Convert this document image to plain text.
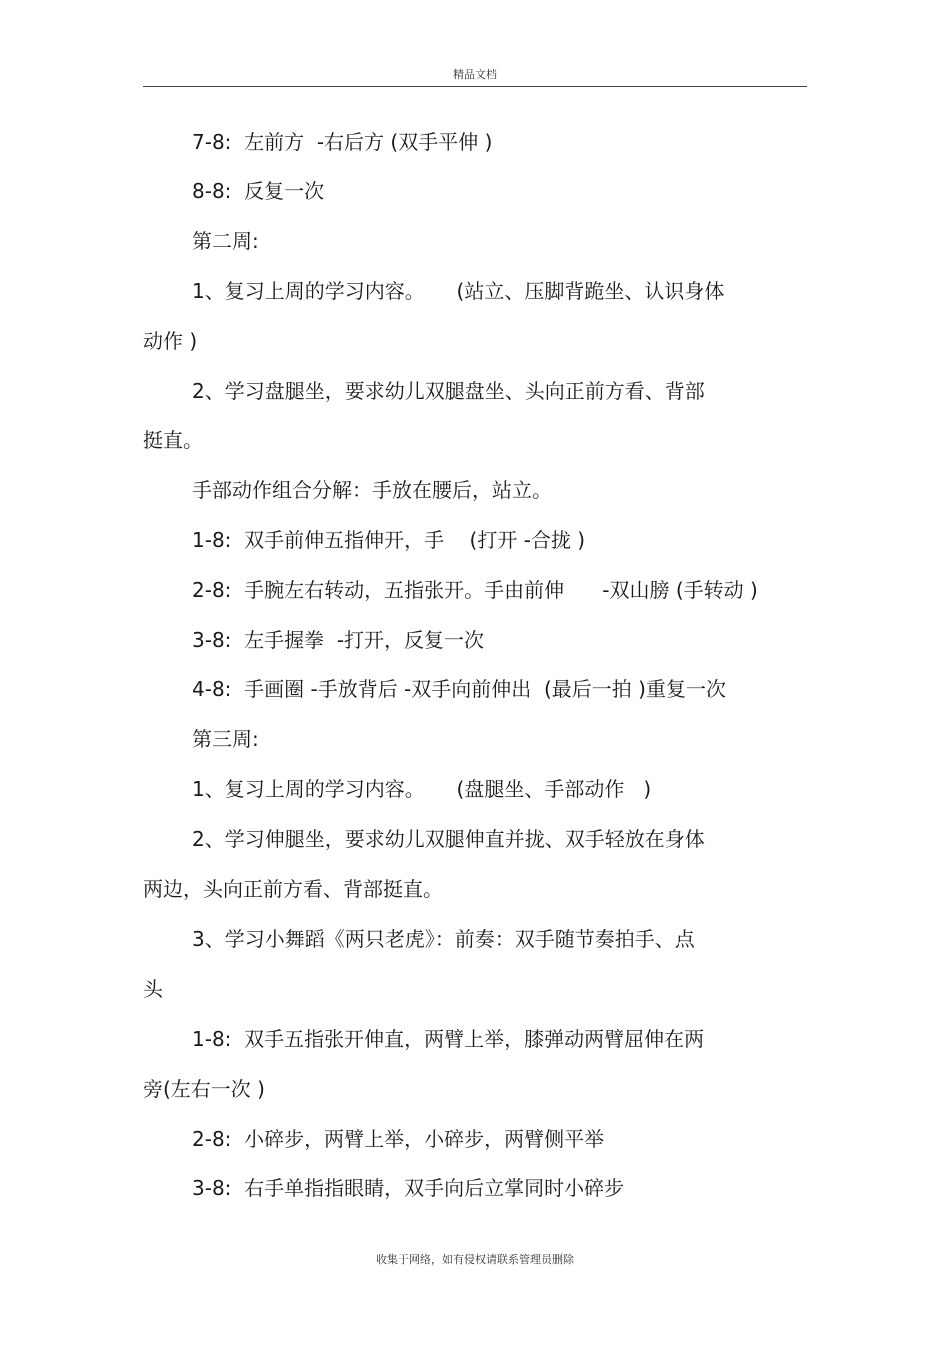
精品文档
7-8:  左前方  -右后方 (双手平伸 )
8-8:  反复一次
第二周:
1、复习上周的学习内容。     (站立、压脚背跪坐、认识身体
动作 )
2、学习盘腿坐，要求幼儿双腿盘坐、头向正前方看、背部
挺直。
手部动作组合分解：手放在腰后，站立。
1-8:  双手前伸五指伸开，手    (打开 -合拢 )
2-8:  手腕左右转动，五指张开。手由前伸      -双山膀 (手转动 )
3-8:  左手握拳  -打开，反复一次
4-8:  手画圈 -手放背后 -双手向前伸出  (最后一拍 )重复一次
第三周:
1、复习上周的学习内容。     (盘腿坐、手部动作   )
2、学习伸腿坐，要求幼儿双腿伸直并拢、双手轻放在身体
两边，头向正前方看、背部挺直。
3、学习小舞蹈《两只老虎》：前奏：双手随节奏拍手、点
头
1-8:  双手五指张开伸直，两臂上举，膝弹动两臂屈伸在两
旁(左右一次 )
2-8:  小碎步，两臂上举，小碎步，两臂侧平举
3-8:  右手单指指眼睛，双手向后立掌同时小碎步
收集于网络，如有侵权请联系管理员删除
